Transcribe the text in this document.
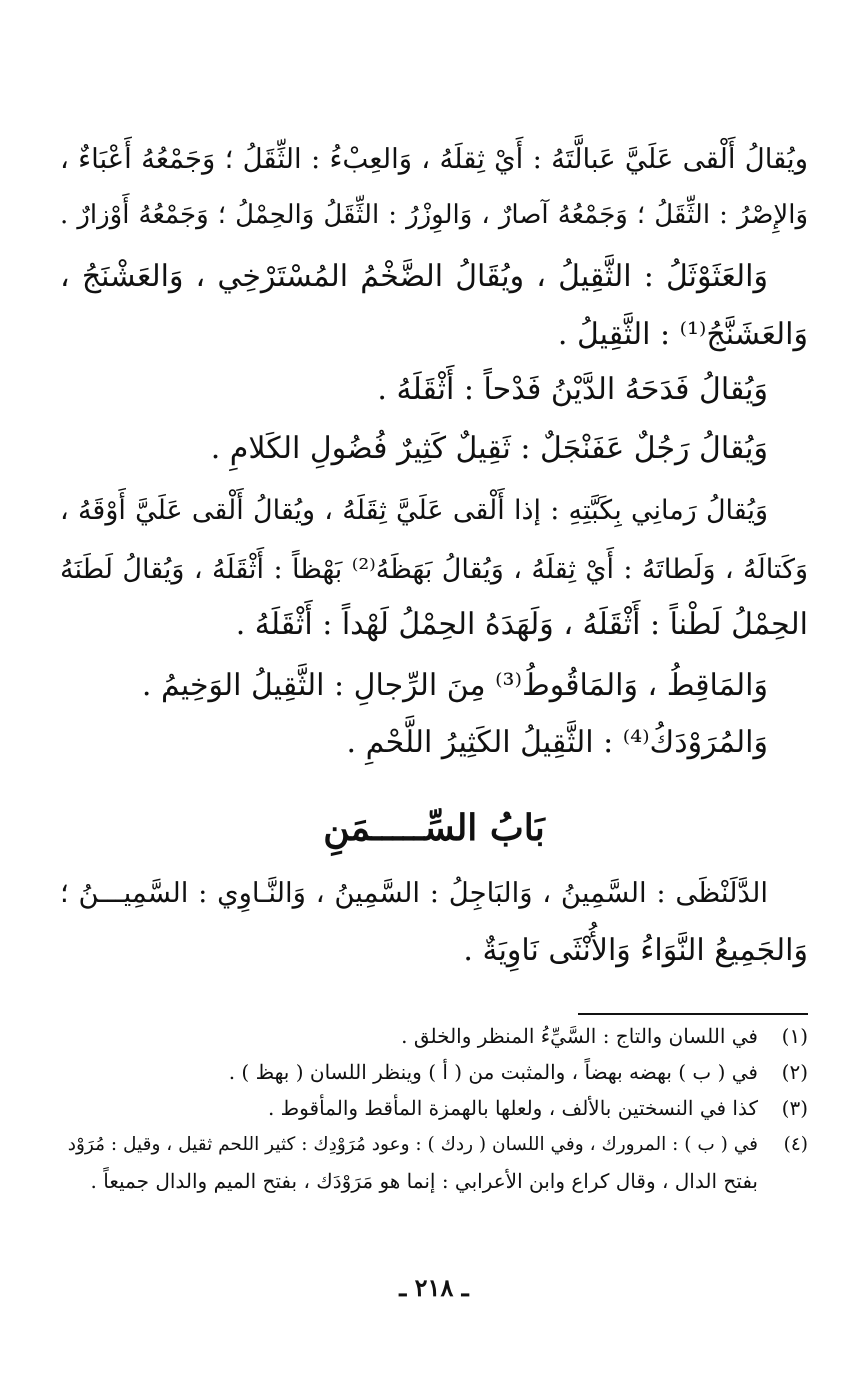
ويُقالُ أَلْقى عَلَيَّ عَبالَّتَهُ : أَيْ ثِقلَهُ ، وَالعِبْءُ : الثِّقَلُ ؛ وَجَمْعُهُ أَعْبَاءٌ ،
وَالإِصْرُ : الثِّقَلُ ؛ وَجَمْعُهُ آصارٌ ، وَالوِزْرُ : الثِّقَلُ وَالحِمْلُ ؛ وَجَمْعُهُ أَوْزارٌ .
وَالعَثَوْثَلُ : الثَّقِيلُ ، ويُقَالُ الضَّخْمُ المُسْتَرْخِي ، وَالعَشْنَجُ ،
وَالعَشَنَّجُ⁽¹⁾ : الثَّقِيلُ .
وَيُقالُ فَدَحَهُ الدَّيْنُ فَدْحاً : أَثْقَلَهُ .
وَيُقالُ رَجُلٌ عَفَنْجَلٌ : ثَقِيلٌ كَثِيرٌ فُضُولِ الكَلامِ .
وَيُقالُ رَمانِي بِكَبَّتِهِ : إذا أَلْقى عَلَيَّ ثِقَلَهُ ، ويُقالُ أَلْقى عَلَيَّ أَوْقَهُ ،
وَكَتالَهُ ، وَلَطاتَهُ : أَيْ ثِقلَهُ ، وَيُقالُ بَهَظَهُ⁽²⁾ بَهْظاً : أَثْقَلَهُ ، وَيُقالُ لَطَنَهُ
الحِمْلُ لَطْناً : أَثْقَلَهُ ، وَلَهَدَهُ الحِمْلُ لَهْداً : أَثْقَلَهُ .
وَالمَاقِطُ ، وَالمَاقُوطُ⁽³⁾ مِنَ الرِّجالِ : الثَّقِيلُ الوَخِيمُ .
وَالمُرَوْدَكُ⁽⁴⁾ : الثَّقِيلُ الكَثِيرُ اللَّحْمِ .
بَابُ السِّـــــمَنِ
الدَّلَنْظَى : السَّمِينُ ، وَالبَاجِلُ : السَّمِينُ ، وَالنَّـاوِي : السَّمِيـــنُ ؛
وَالجَمِيعُ النَّوَاءُ وَالأُنْثَى نَاوِيَةٌ .
(١)في اللسان والتاج : السَّيِّءُ المنظر والخلق .
(٢)في ( ب ) بهضه بهضاً ، والمثبت من ( أ ) وينظر اللسان ( بهظ ) .
(٣)كذا في النسختين بالألف ، ولعلها بالهمزة المأقط والمأقوط .
(٤)في ( ب ) : المرورك ، وفي اللسان ( ردك ) : وعود مُرَوْدِك : كثير اللحم ثقيل ، وقيل : مُرَوْد
بفتح الدال ، وقال كراع وابن الأعرابي : إنما هو مَرَوْدَك ، بفتح الميم والدال جميعاً .
ـ ٢١٨ ـ
